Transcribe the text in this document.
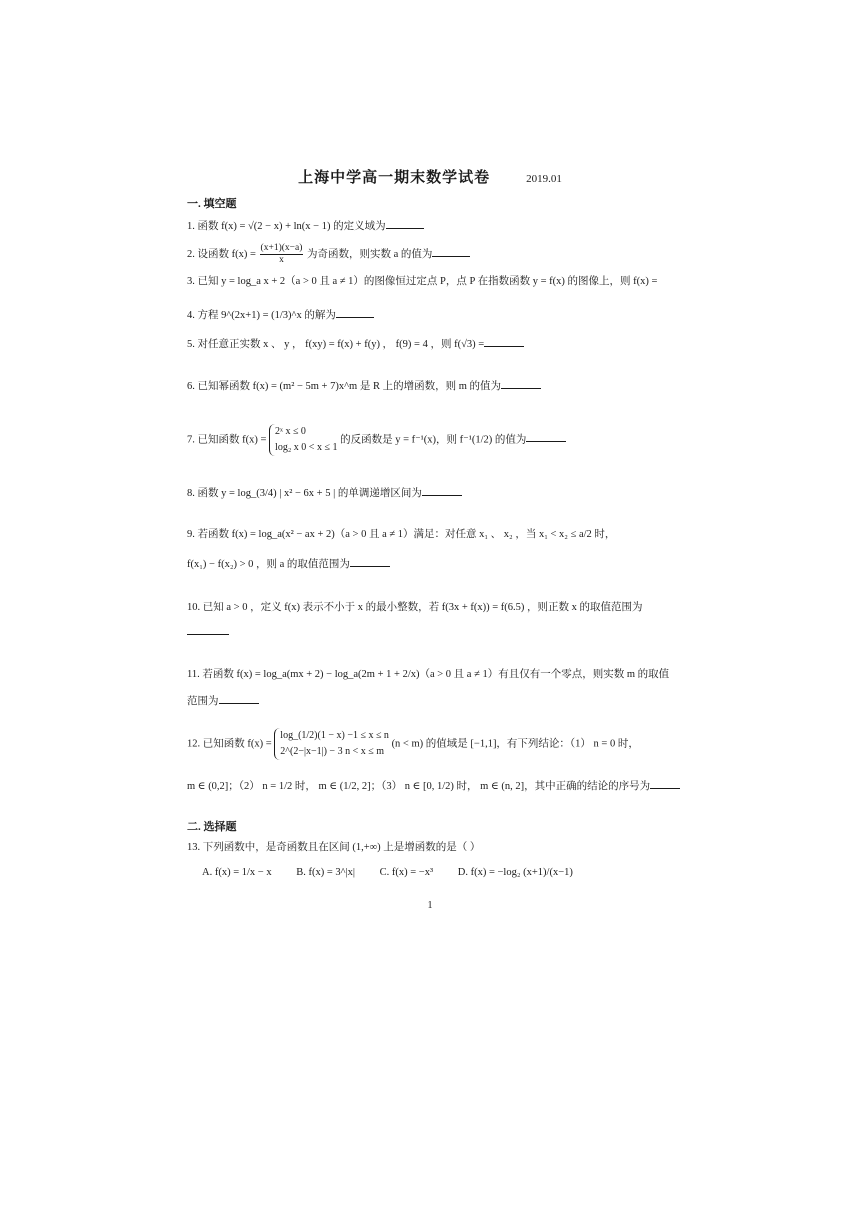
上海中学高一期末数学试卷	2019.01
一. 填空题
1. 函数 f(x) = √(2 − x) + ln(x − 1) 的定义域为
2. 设函数 $f(x) = \frac{(x+1)(x-a)}{x}$ 为奇函数，则实数 a 的值为
3. 已知 y = log_a x + 2（a > 0 且 a ≠ 1）的图像恒过定点 P，点 P 在指数函数 y = f(x) 的图像上，则 f(x) =
4. 方程 9^(2x+1) = (1/3)^x 的解为
5. 对任意正实数 x 、 y ， f(xy) = f(x) + f(y) ， f(9) = 4 ，则 f(√3) =
6. 已知幂函数 f(x) = (m² − 5m + 7)x^m 是 R 上的增函数，则 m 的值为
7. 已知函数 f(x) =
2ˣ x ≤ 0
log₂ x 0 < x ≤ 1
的反函数是 y = f⁻¹(x)，则 f⁻¹(1/2) 的值为
8. 函数 y = log_(3/4) | x² − 6x + 5 | 的单调递增区间为
9. 若函数 f(x) = log_a(x² − ax + 2)（a > 0 且 a ≠ 1）满足：对任意 x₁ 、 x₂ ，当 x₁ < x₂ ≤ a/2 时，
f(x₁) − f(x₂) > 0 ，则 a 的取值范围为
10. 已知 a > 0 ，定义 f(x) 表示不小于 x 的最小整数，若 f(3x + f(x)) = f(6.5) ，则正数 x 的取值范围为
11. 若函数 f(x) = log_a(mx + 2) − log_a(2m + 1 + 2/x)（a > 0 且 a ≠ 1）有且仅有一个零点，则实数 m 的取值
范围为
12. 已知函数 f(x) =
log_(1/2)(1 − x) −1 ≤ x ≤ n
2^(2−|x−1|) − 3 n < x ≤ m
(n < m) 的值域是 [−1,1]，有下列结论：（1） n = 0 时，
m ∈ (0,2]；（2） n = 1/2 时， m ∈ (1/2, 2]；（3） n ∈ [0, 1/2) 时， m ∈ (n, 2]，其中正确的结论的序号为
二. 选择题
13. 下列函数中，是奇函数且在区间 (1,+∞) 上是增函数的是（ ）
A. f(x) = 1/x − x B. f(x) = 3^|x| C. f(x) = −x³ D. f(x) = −log₂ (x+1)/(x−1)
1
